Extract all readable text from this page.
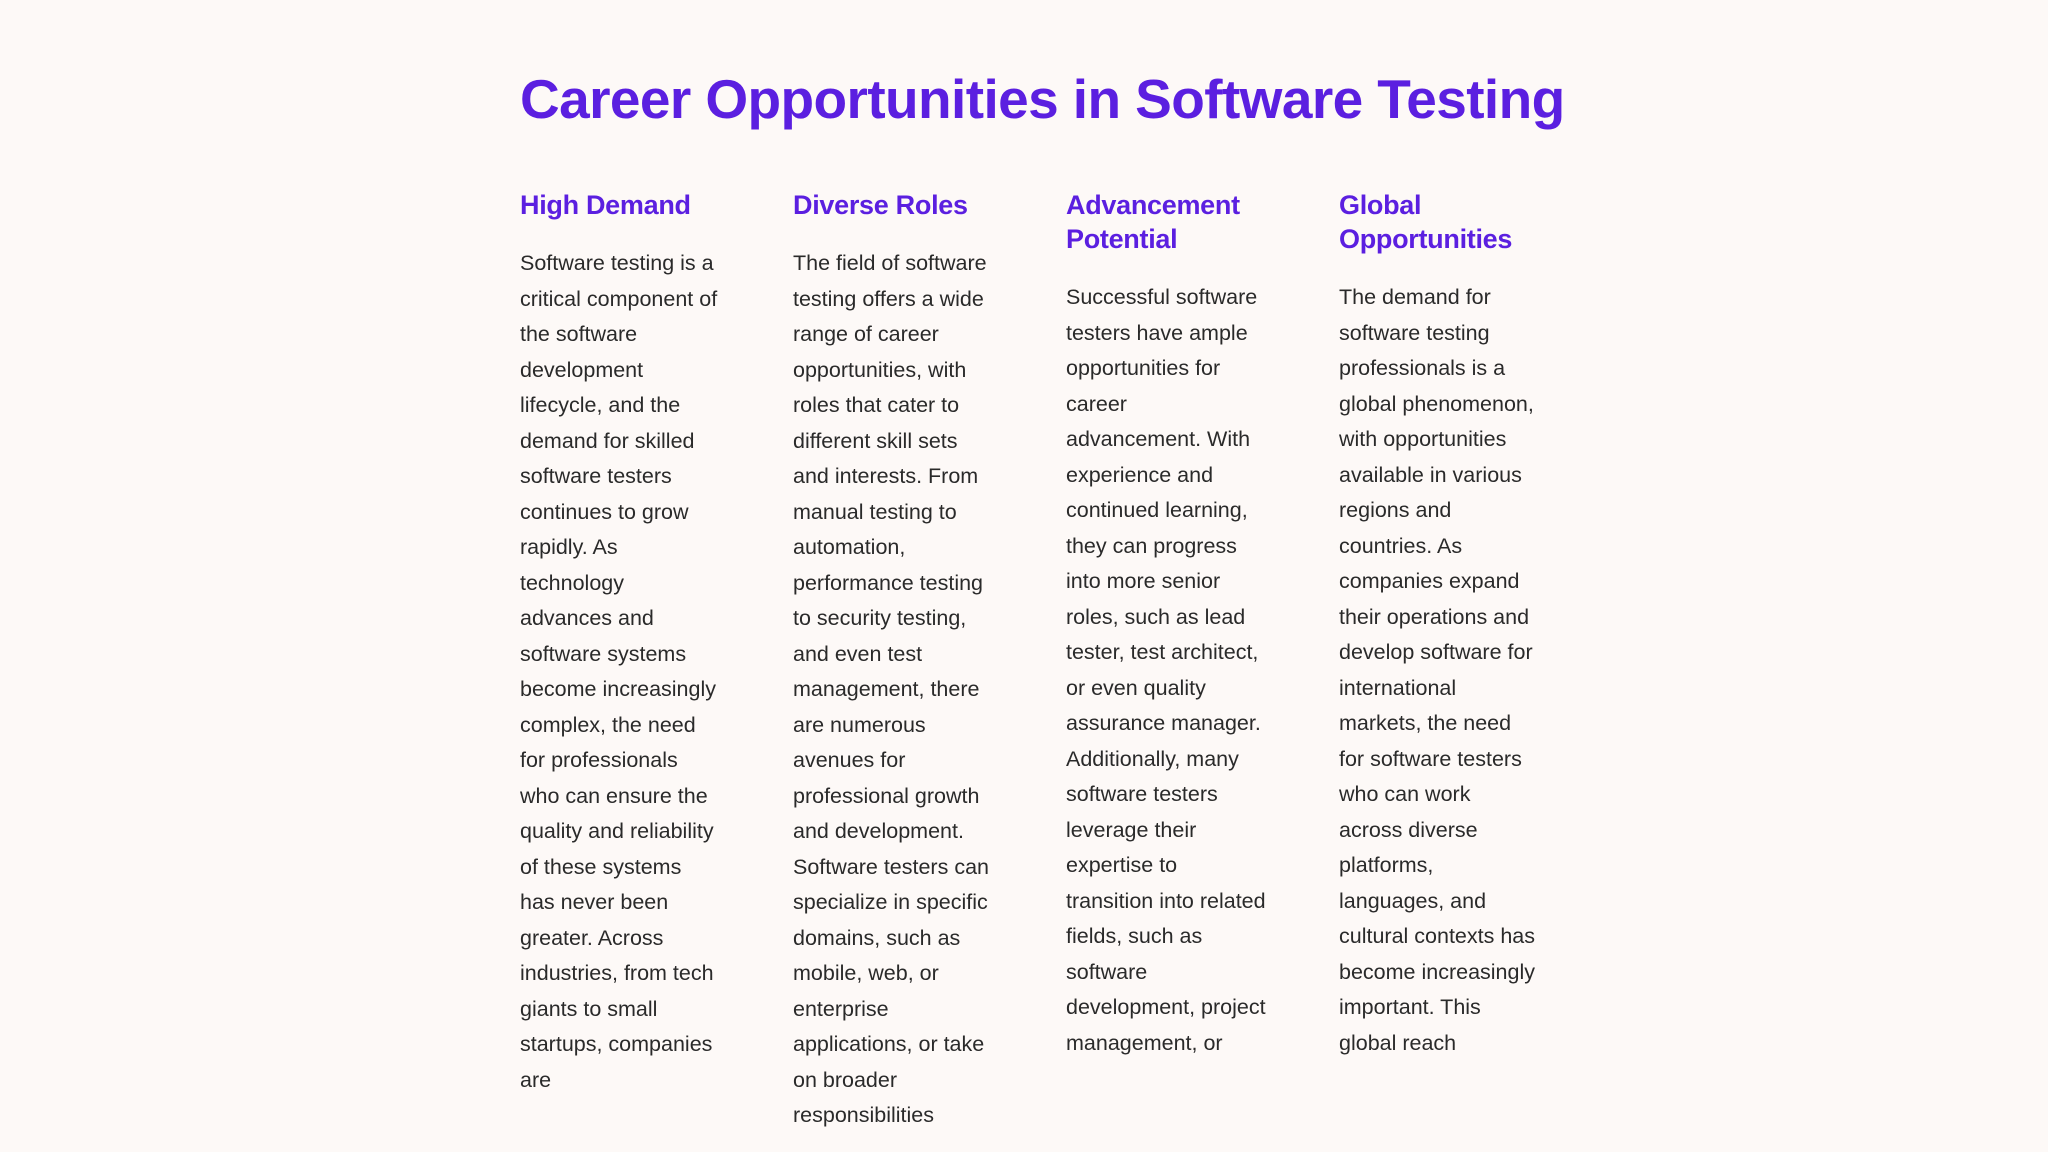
Career Opportunities in Software Testing
High Demand

Software testing is a critical component of the software development lifecycle, and the demand for skilled software testers continues to grow rapidly. As technology advances and software systems become increasingly complex, the need for professionals who can ensure the quality and reliability of these systems has never been greater. Across industries, from tech giants to small startups, companies are

Diverse Roles

The field of software testing offers a wide range of career opportunities, with roles that cater to different skill sets and interests. From manual testing to automation, performance testing to security testing, and even test management, there are numerous avenues for professional growth and development. Software testers can specialize in specific domains, such as mobile, web, or enterprise applications, or take on broader responsibilities

Advancement Potential

Successful software testers have ample opportunities for career advancement. With experience and continued learning, they can progress into more senior roles, such as lead tester, test architect, or even quality assurance manager. Additionally, many software testers leverage their expertise to transition into related fields, such as software development, project management, or

Global Opportunities

The demand for software testing professionals is a global phenomenon, with opportunities available in various regions and countries. As companies expand their operations and develop software for international markets, the need for software testers who can work across diverse platforms, languages, and cultural contexts has become increasingly important. This global reach
